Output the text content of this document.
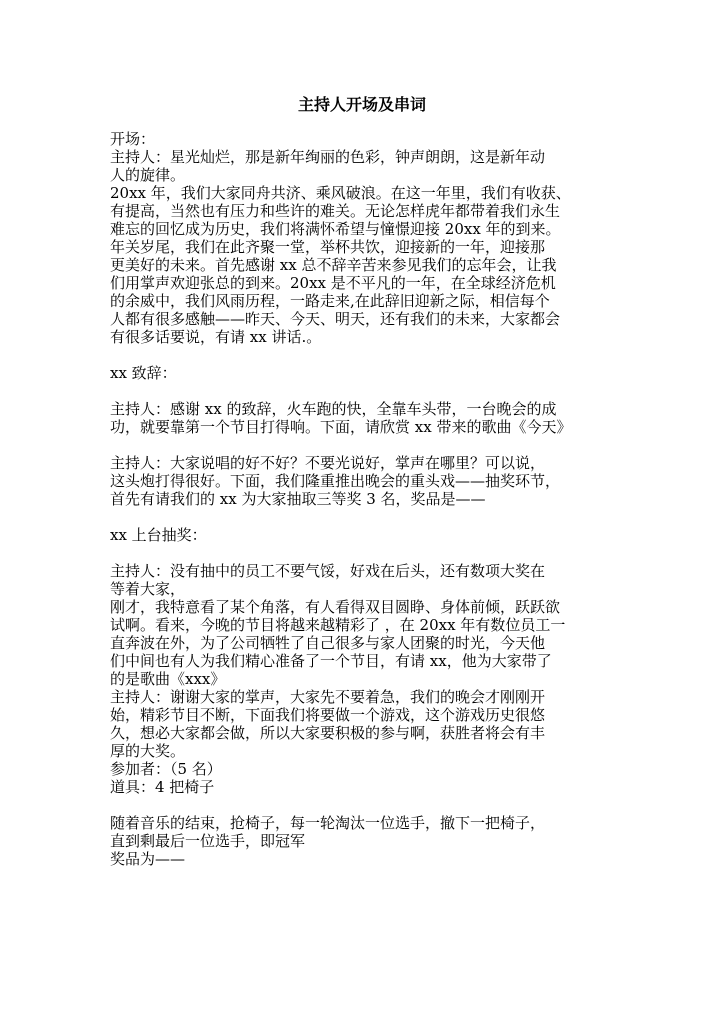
主持人开场及串词
开场：
主持人：星光灿烂，那是新年绚丽的色彩，钟声朗朗，这是新年动
人的旋律。
20xx 年，我们大家同舟共济、乘风破浪。在这一年里，我们有收获、
有提高，当然也有压力和些许的难关。无论怎样虎年都带着我们永生
难忘的回忆成为历史，我们将满怀希望与憧憬迎接 20xx 年的到来。
年关岁尾，我们在此齐聚一堂，举杯共饮，迎接新的一年，迎接那
更美好的未来。首先感谢 xx 总不辞辛苦来参见我们的忘年会，让我
们用掌声欢迎张总的到来。20xx 是不平凡的一年，在全球经济危机
的余威中，我们风雨历程，一路走来,在此辞旧迎新之际，相信每个
人都有很多感触——昨天、今天、明天，还有我们的未来，大家都会
有很多话要说，有请 xx 讲话.。
xx 致辞：
主持人：感谢 xx 的致辞，火车跑的快，全靠车头带，一台晚会的成
功，就要靠第一个节目打得响。下面，请欣赏 xx 带来的歌曲《今天》
主持人：大家说唱的好不好？不要光说好，掌声在哪里？可以说，
这头炮打得很好。下面，我们隆重推出晚会的重头戏——抽奖环节，
首先有请我们的 xx 为大家抽取三等奖 3 名，奖品是——
xx 上台抽奖：
主持人：没有抽中的员工不要气馁，好戏在后头，还有数项大奖在
等着大家，
刚才，我特意看了某个角落，有人看得双目圆睁、身体前倾，跃跃欲
试啊。看来，今晚的节目将越来越精彩了 ，在 20xx 年有数位员工一
直奔波在外，为了公司牺牲了自己很多与家人团聚的时光，今天他
们中间也有人为我们精心准备了一个节目，有请 xx，他为大家带了
的是歌曲《xxx》
主持人：谢谢大家的掌声，大家先不要着急，我们的晚会才刚刚开
始，精彩节目不断，下面我们将要做一个游戏，这个游戏历史很悠
久，想必大家都会做，所以大家要积极的参与啊，获胜者将会有丰
厚的大奖。
参加者：（5 名）
道具：4 把椅子
随着音乐的结束，抢椅子，每一轮淘汰一位选手，撤下一把椅子，
直到剩最后一位选手，即冠军
奖品为——
